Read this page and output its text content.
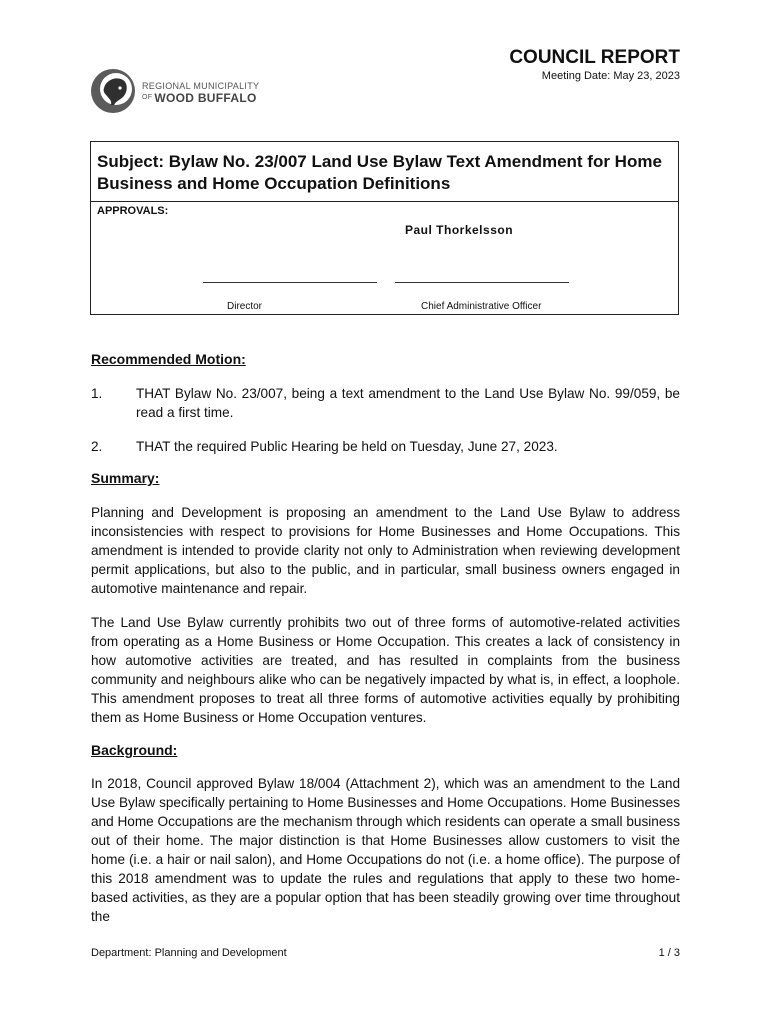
REGIONAL MUNICIPALITY
$^{OF}$ WOOD BUFFALO
COUNCIL REPORT
Meeting Date: May 23, 2023
Subject: Bylaw No. 23/007 Land Use Bylaw Text Amendment for Home Business and Home Occupation Definitions
APPROVALS:
Paul Thorkelsson
Director	Chief Administrative Officer
Recommended Motion:
1. THAT Bylaw No. 23/007, being a text amendment to the Land Use Bylaw No. 99/059, be read a first time.
2. THAT the required Public Hearing be held on Tuesday, June 27, 2023.
Summary:
Planning and Development is proposing an amendment to the Land Use Bylaw to address inconsistencies with respect to provisions for Home Businesses and Home Occupations. This amendment is intended to provide clarity not only to Administration when reviewing development permit applications, but also to the public, and in particular, small business owners engaged in automotive maintenance and repair.
The Land Use Bylaw currently prohibits two out of three forms of automotive-related activities from operating as a Home Business or Home Occupation. This creates a lack of consistency in how automotive activities are treated, and has resulted in complaints from the business community and neighbours alike who can be negatively impacted by what is, in effect, a loophole. This amendment proposes to treat all three forms of automotive activities equally by prohibiting them as Home Business or Home Occupation ventures.
Background:
In 2018, Council approved Bylaw 18/004 (Attachment 2), which was an amendment to the Land Use Bylaw specifically pertaining to Home Businesses and Home Occupations. Home Businesses and Home Occupations are the mechanism through which residents can operate a small business out of their home. The major distinction is that Home Businesses allow customers to visit the home (i.e. a hair or nail salon), and Home Occupations do not (i.e. a home office). The purpose of this 2018 amendment was to update the rules and regulations that apply to these two home-based activities, as they are a popular option that has been steadily growing over time throughout the
Department: Planning and Development	1 / 3
